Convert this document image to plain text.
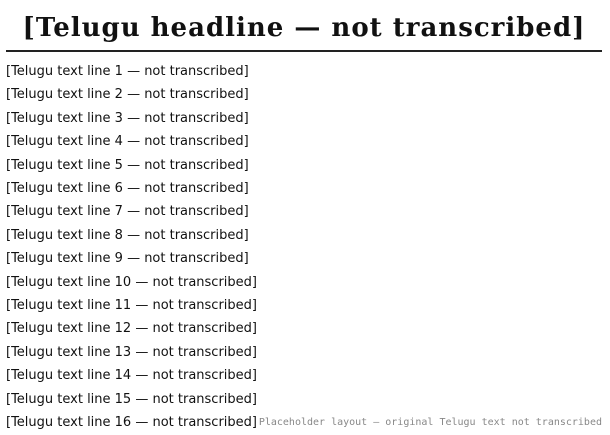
[Telugu headline — not transcribed]
[Telugu text line 1 — not transcribed]
[Telugu text line 2 — not transcribed]
[Telugu text line 3 — not transcribed]
[Telugu text line 4 — not transcribed]
[Telugu text line 5 — not transcribed]
[Telugu text line 6 — not transcribed]
[Telugu text line 7 — not transcribed]
[Telugu text line 8 — not transcribed]
[Telugu text line 9 — not transcribed]
[Telugu text line 10 — not transcribed]
[Telugu text line 11 — not transcribed]
[Telugu text line 12 — not transcribed]
[Telugu text line 13 — not transcribed]
[Telugu text line 14 — not transcribed]
[Telugu text line 15 — not transcribed]
[Telugu text line 16 — not transcribed] Placeholder layout — original Telugu text not transcribed
